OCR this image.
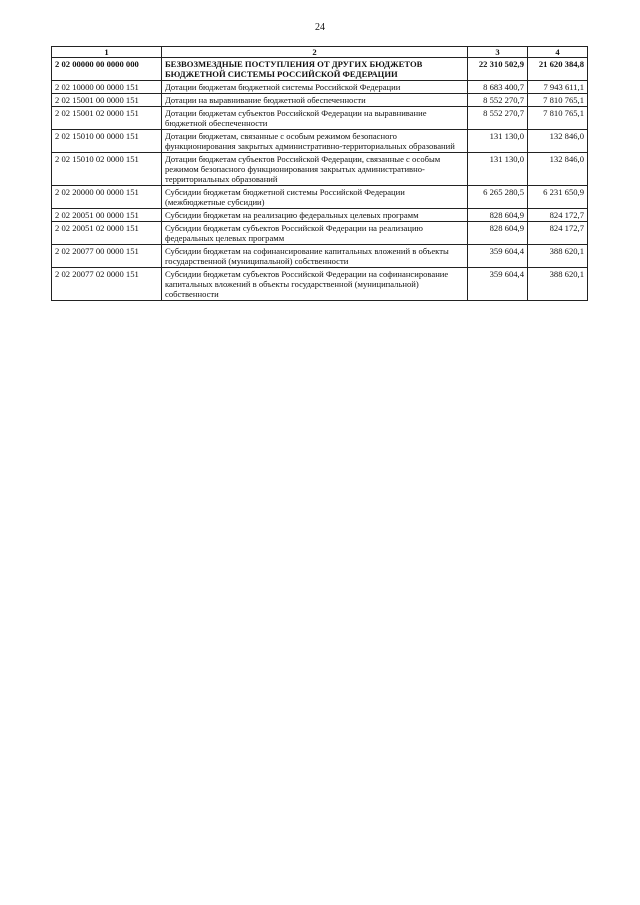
24
1	2	3	4
2 02 00000 00 0000 000	БЕЗВОЗМЕЗДНЫЕ ПОСТУПЛЕНИЯ ОТ ДРУГИХ БЮДЖЕТОВ БЮДЖЕТНОЙ СИСТЕМЫ РОССИЙСКОЙ ФЕДЕРАЦИИ	22 310 502,9	21 620 384,8
2 02 10000 00 0000 151	Дотации бюджетам бюджетной системы Российской Федерации	8 683 400,7	7 943 611,1
2 02 15001 00 0000 151	Дотации на выравнивание бюджетной обеспеченности	8 552 270,7	7 810 765,1
2 02 15001 02 0000 151	Дотации бюджетам субъектов Российской Федерации на выравнивание бюджетной обеспеченности	8 552 270,7	7 810 765,1
2 02 15010 00 0000 151	Дотации бюджетам, связанные с особым режимом безопасного функционирования закрытых административно-территориальных образований	131 130,0	132 846,0
2 02 15010 02 0000 151	Дотации бюджетам субъектов Российской Федерации, связанные с особым режимом безопасного функционирования закрытых административно-территориальных образований	131 130,0	132 846,0
2 02 20000 00 0000 151	Субсидии бюджетам бюджетной системы Российской Федерации (межбюджетные субсидии)	6 265 280,5	6 231 650,9
2 02 20051 00 0000 151	Субсидии бюджетам на реализацию федеральных целевых программ	828 604,9	824 172,7
2 02 20051 02 0000 151	Субсидии бюджетам субъектов Российской Федерации на реализацию федеральных целевых программ	828 604,9	824 172,7
2 02 20077 00 0000 151	Субсидии бюджетам на софинансирование капитальных вложений в объекты государственной (муниципальной) собственности	359 604,4	388 620,1
2 02 20077 02 0000 151	Субсидии бюджетам субъектов Российской Федерации на софинансирование капитальных вложений в объекты государственной (муниципальной) собственности	359 604,4	388 620,1
